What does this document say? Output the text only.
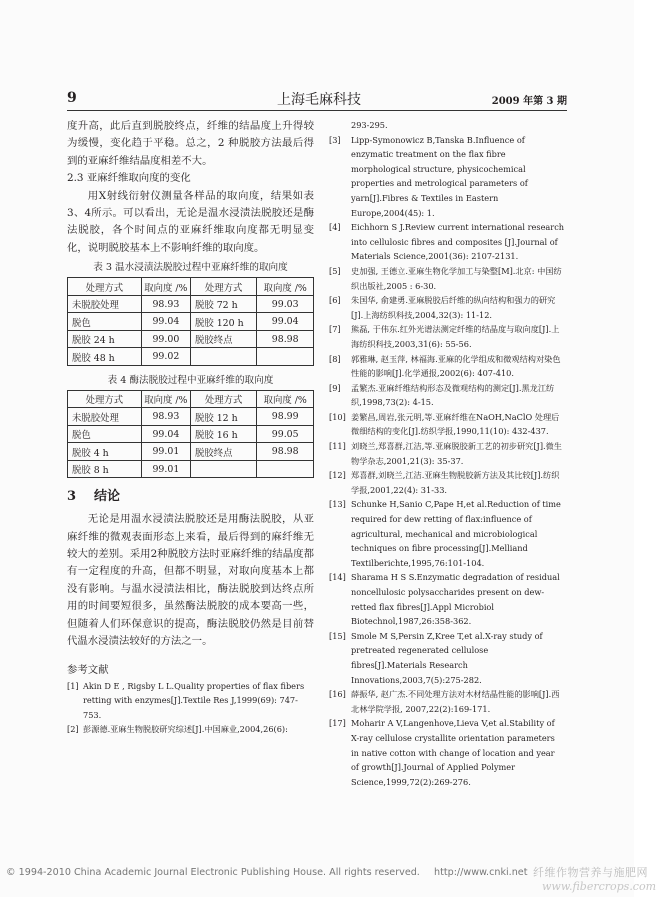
9	上海毛麻科技	2009 年第 3 期

度升高，此后直到脱胶终点，纤维的结晶度上升得较为缓慢，变化趋于平稳。总之，2 种脱胶方法最后得到的亚麻纤维结晶度相差不大。

2.3 亚麻纤维取向度的变化

用X射线衍射仪测量各样品的取向度，结果如表3、4所示。可以看出，无论是温水浸渍法脱胶还是酶法脱胶，各个时间点的亚麻纤维取向度都无明显变化，说明脱胶基本上不影响纤维的取向度。

表 3 温水浸渍法脱胶过程中亚麻纤维的取向度

处理方式	取向度 /%	处理方式	取向度 /%
未脱胶处理	98.93	脱胶 72 h	99.03
脱色	99.04	脱胶 120 h	99.04
脱胶 24 h	99.00	脱胶终点	98.98
脱胶 48 h	99.02		

表 4 酶法脱胶过程中亚麻纤维的取向度

处理方式	取向度 /%	处理方式	取向度 /%
未脱胶处理	98.93	脱胶 12 h	98.99
脱色	99.04	脱胶 16 h	99.05
脱胶 4 h	99.01	脱胶终点	98.98
脱胶 8 h	99.01		
3 结论

无论是用温水浸渍法脱胶还是用酶法脱胶，从亚麻纤维的微观表面形态上来看，最后得到的麻纤维无较大的差别。采用2种脱胶方法时亚麻纤维的结晶度都有一定程度的升高，但都不明显，对取向度基本上都没有影响。与温水浸渍法相比，酶法脱胶到达终点所用的时间要短很多，虽然酶法脱胶的成本要高一些，但随着人们环保意识的提高，酶法脱胶仍然是目前替代温水浸渍法较好的方法之一。

参考文献

[1] Akin D E , Rigsby L L.Quality properties of flax fibers retting with enzymes[J].Textile Res J,1999(69): 747-753.
[2] 彭源德.亚麻生物脱胶研究综述[J].中国麻业,2004,26(6):
293-295.
[3]	Lipp-Symonowicz B,Tanska B.Influence of enzymatic treatment on the flax fibre morphological structure, physicochemical properties and metrological parameters of yarn[J].Fibres & Textiles in Eastern Europe,2004(45): 1.
[4]	Eichhorn S J.Review current international research into cellulosic fibres and composites [J].Journal of Materials Science,2001(36): 2107-2131.
[5]	史加强, 王德立.亚麻生物化学加工与染整[M].北京: 中国纺织出版社,2005 : 6-30.
[6]	朱国华, 俞建勇.亚麻脱胶后纤维的纵向结构和强力的研究[J].上海纺织科技,2004,32(3): 11-12.
[7]	熊磊, 于伟东.红外光谱法测定纤维的结晶度与取向度[J].上海纺织科技,2003,31(6): 55-56.
[8]	郭雅琳, 赵玉萍, 林福海.亚麻的化学组成和微观结构对染色性能的影响[J].化学通报,2002(6): 407-410.
[9]	孟繁杰.亚麻纤维结构形态及微观结构的测定[J].黑龙江纺织,1998,73(2): 4-15.
[10] 姜繁昌,周岩,张元明,等.亚麻纤维在NaOH,NaClO 处理后微细结构的变化[J].纺织学报,1990,11(10): 432-437.
[11] 刘晓兰,郑喜群,江洁,等.亚麻脱胶新工艺的初步研究[J].微生物学杂志,2001,21(3): 35-37.
[12] 郑喜群,刘晓兰,江洁.亚麻生物脱胶新方法及其比较[J].纺织学报,2001,22(4): 31-33.
[13] Schunke H,Sanio C,Pape H,et al.Reduction of time required for dew retting of flax:influence of agricultural, mechanical and microbiological techniques on fibre processing[J].Melliand Textilberichte,1995,76:101-104.
[14] Sharama H S S.Enzymatic degradation of residual noncellulosic polysaccharides present on dew-retted flax fibres[J].Appl Microbiol Biotechnol,1987,26:358-362.
[15] Smole M S,Persin Z,Kree T,et al.X-ray study of pretreated regenerated cellulose fibres[J].Materials Research Innovations,2003,7(5):275-282.
[16] 薛振华, 赵广杰.不同处理方法对木材结晶性能的影响[J].西北林学院学报, 2007,22(2):169-171.
[17] Moharir A V,Langenhove,Lieva V,et al.Stability of X-ray cellulose crystallite orientation parameters in native cotton with change of location and year of growth[J].Journal of Applied Polymer Science,1999,72(2):269-276.
© 1994-2010 China Academic Journal Electronic Publishing House. All rights reserved. http://www.cnki.net 纤维作物营养与施肥网
www.fibercrops.com
